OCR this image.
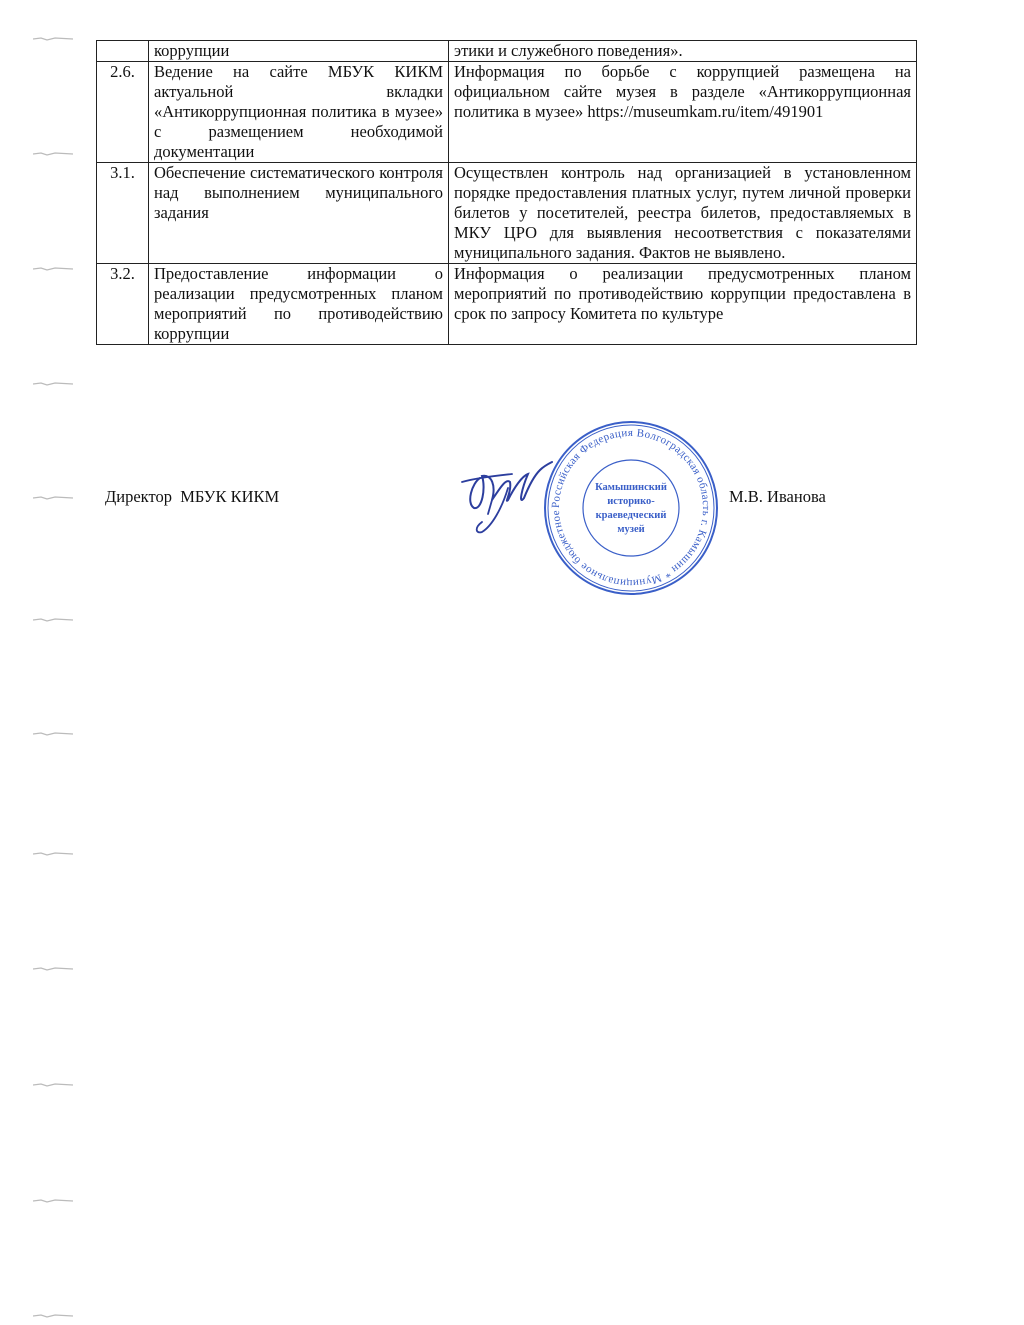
	коррупции	этики и служебного поведения».
2.6.	Ведение на сайте МБУК КИКМ актуальной вкладки «Антикоррупционная политика в музее» с размещением необходимой документации	Информация по борьбе с коррупцией размещена на официальном сайте музея в разделе «Антикоррупционная политика в музее» https://museumkam.ru/item/491901
3.1.	Обеспечение систематического контроля над выполнением муниципального задания	Осуществлен контроль над организацией в установленном порядке предоставления платных услуг, путем личной проверки билетов у посетителей, реестра билетов, предоставляемых в МКУ ЦРО для выявления несоответствия с показателями муниципального задания. Фактов не выявлено.
3.2.	Предоставление информации о реализации предусмотренных планом мероприятий по противодействию коррупции	Информация о реализации предусмотренных планом мероприятий по противодействию коррупции предоставлена в срок по запросу Комитета по культуре
Директор  МБУК КИКМ	Российская Федерация Волгоградская область г. Камышин * Муниципальное бюджетное учреждение культуры
Камышинский
историко-
краеведческий
музей
М.В. Иванова
